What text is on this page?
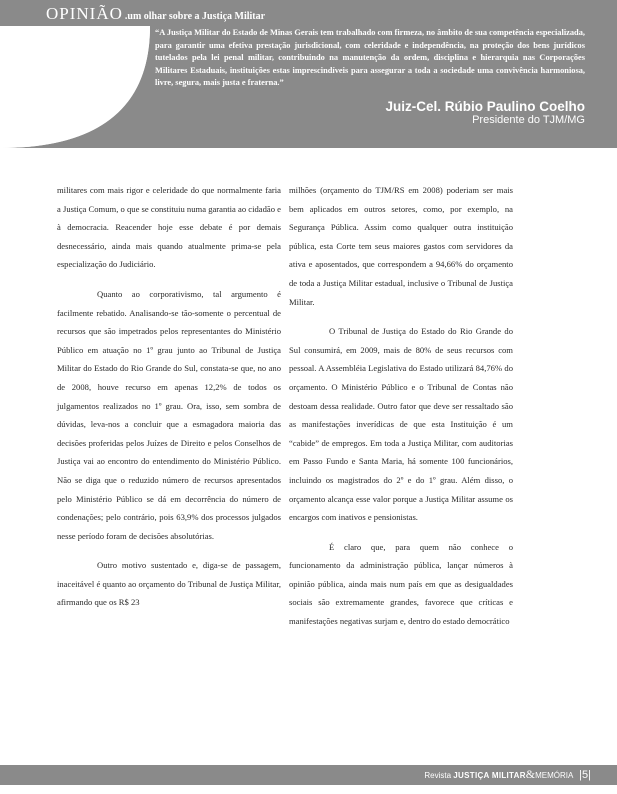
OPINIÃO .um olhar sobre a Justiça Militar
“A Justiça Militar do Estado de Minas Gerais tem trabalhado com firmeza, no âmbito de sua competência especializada, para garantir uma efetiva prestação jurisdicional, com celeridade e independência, na proteção dos bens jurídicos tutelados pela lei penal militar, contribuindo na manutenção da ordem, disciplina e hierarquia nas Corporações Militares Estaduais, instituições estas imprescindíveis para assegurar a toda a sociedade uma convivência harmoniosa, livre, segura, mais justa e fraterna.”
Juiz-Cel. Rúbio Paulino Coelho
Presidente do TJM/MG

militares com mais rigor e celeridade do que normalmente faria a Justiça Comum, o que se constituiu numa garantia ao cidadão e à democracia. Reacender hoje esse debate é por demais desnecessário, ainda mais quando atualmente prima-se pela especialização do Judiciário.

Quanto ao corporativismo, tal argumento é facilmente rebatido. Analisando-se tão-somente o percentual de recursos que são impetrados pelos representantes do Ministério Público em atuação no 1º grau junto ao Tribunal de Justiça Militar do Estado do Rio Grande do Sul, constata-se que, no ano de 2008, houve recurso em apenas 12,2% de todos os julgamentos realizados no 1º grau. Ora, isso, sem sombra de dúvidas, leva-nos a concluir que a esmagadora maioria das decisões proferidas pelos Juízes de Direito e pelos Conselhos de Justiça vai ao encontro do entendimento do Ministério Público. Não se diga que o reduzido número de recursos apresentados pelo Ministério Público se dá em decorrência do número de condenações; pelo contrário, pois 63,9% dos processos julgados nesse período foram de decisões absolutórias.

Outro motivo sustentado e, diga-se de passagem, inaceitável é quanto ao orçamento do Tribunal de Justiça Militar, afirmando que os R$ 23

milhões (orçamento do TJM/RS em 2008) poderiam ser mais bem aplicados em outros setores, como, por exemplo, na Segurança Pública. Assim como qualquer outra instituição pública, esta Corte tem seus maiores gastos com servidores da ativa e aposentados, que correspondem a 94,66% do orçamento de toda a Justiça Militar estadual, inclusive o Tribunal de Justiça Militar.

O Tribunal de Justiça do Estado do Rio Grande do Sul consumirá, em 2009, mais de 80% de seus recursos com pessoal. A Assembléia Legislativa do Estado utilizará 84,76% do orçamento. O Ministério Público e o Tribunal de Contas não destoam dessa realidade. Outro fator que deve ser ressaltado são as manifestações inverídicas de que esta Instituição é um “cabide” de empregos. Em toda a Justiça Militar, com auditorias em Passo Fundo e Santa Maria, há somente 100 funcionários, incluindo os magistrados do 2º e do 1º grau. Além disso, o orçamento alcança esse valor porque a Justiça Militar assume os encargos com inativos e pensionistas.

É claro que, para quem não conhece o funcionamento da administração pública, lançar números à opinião pública, ainda mais num país em que as desigualdades sociais são extremamente grandes, favorece que críticas e manifestações negativas surjam e, dentro do estado democrático

Revista JUSTIÇA MILITAR&MEMÓRIA |5|
